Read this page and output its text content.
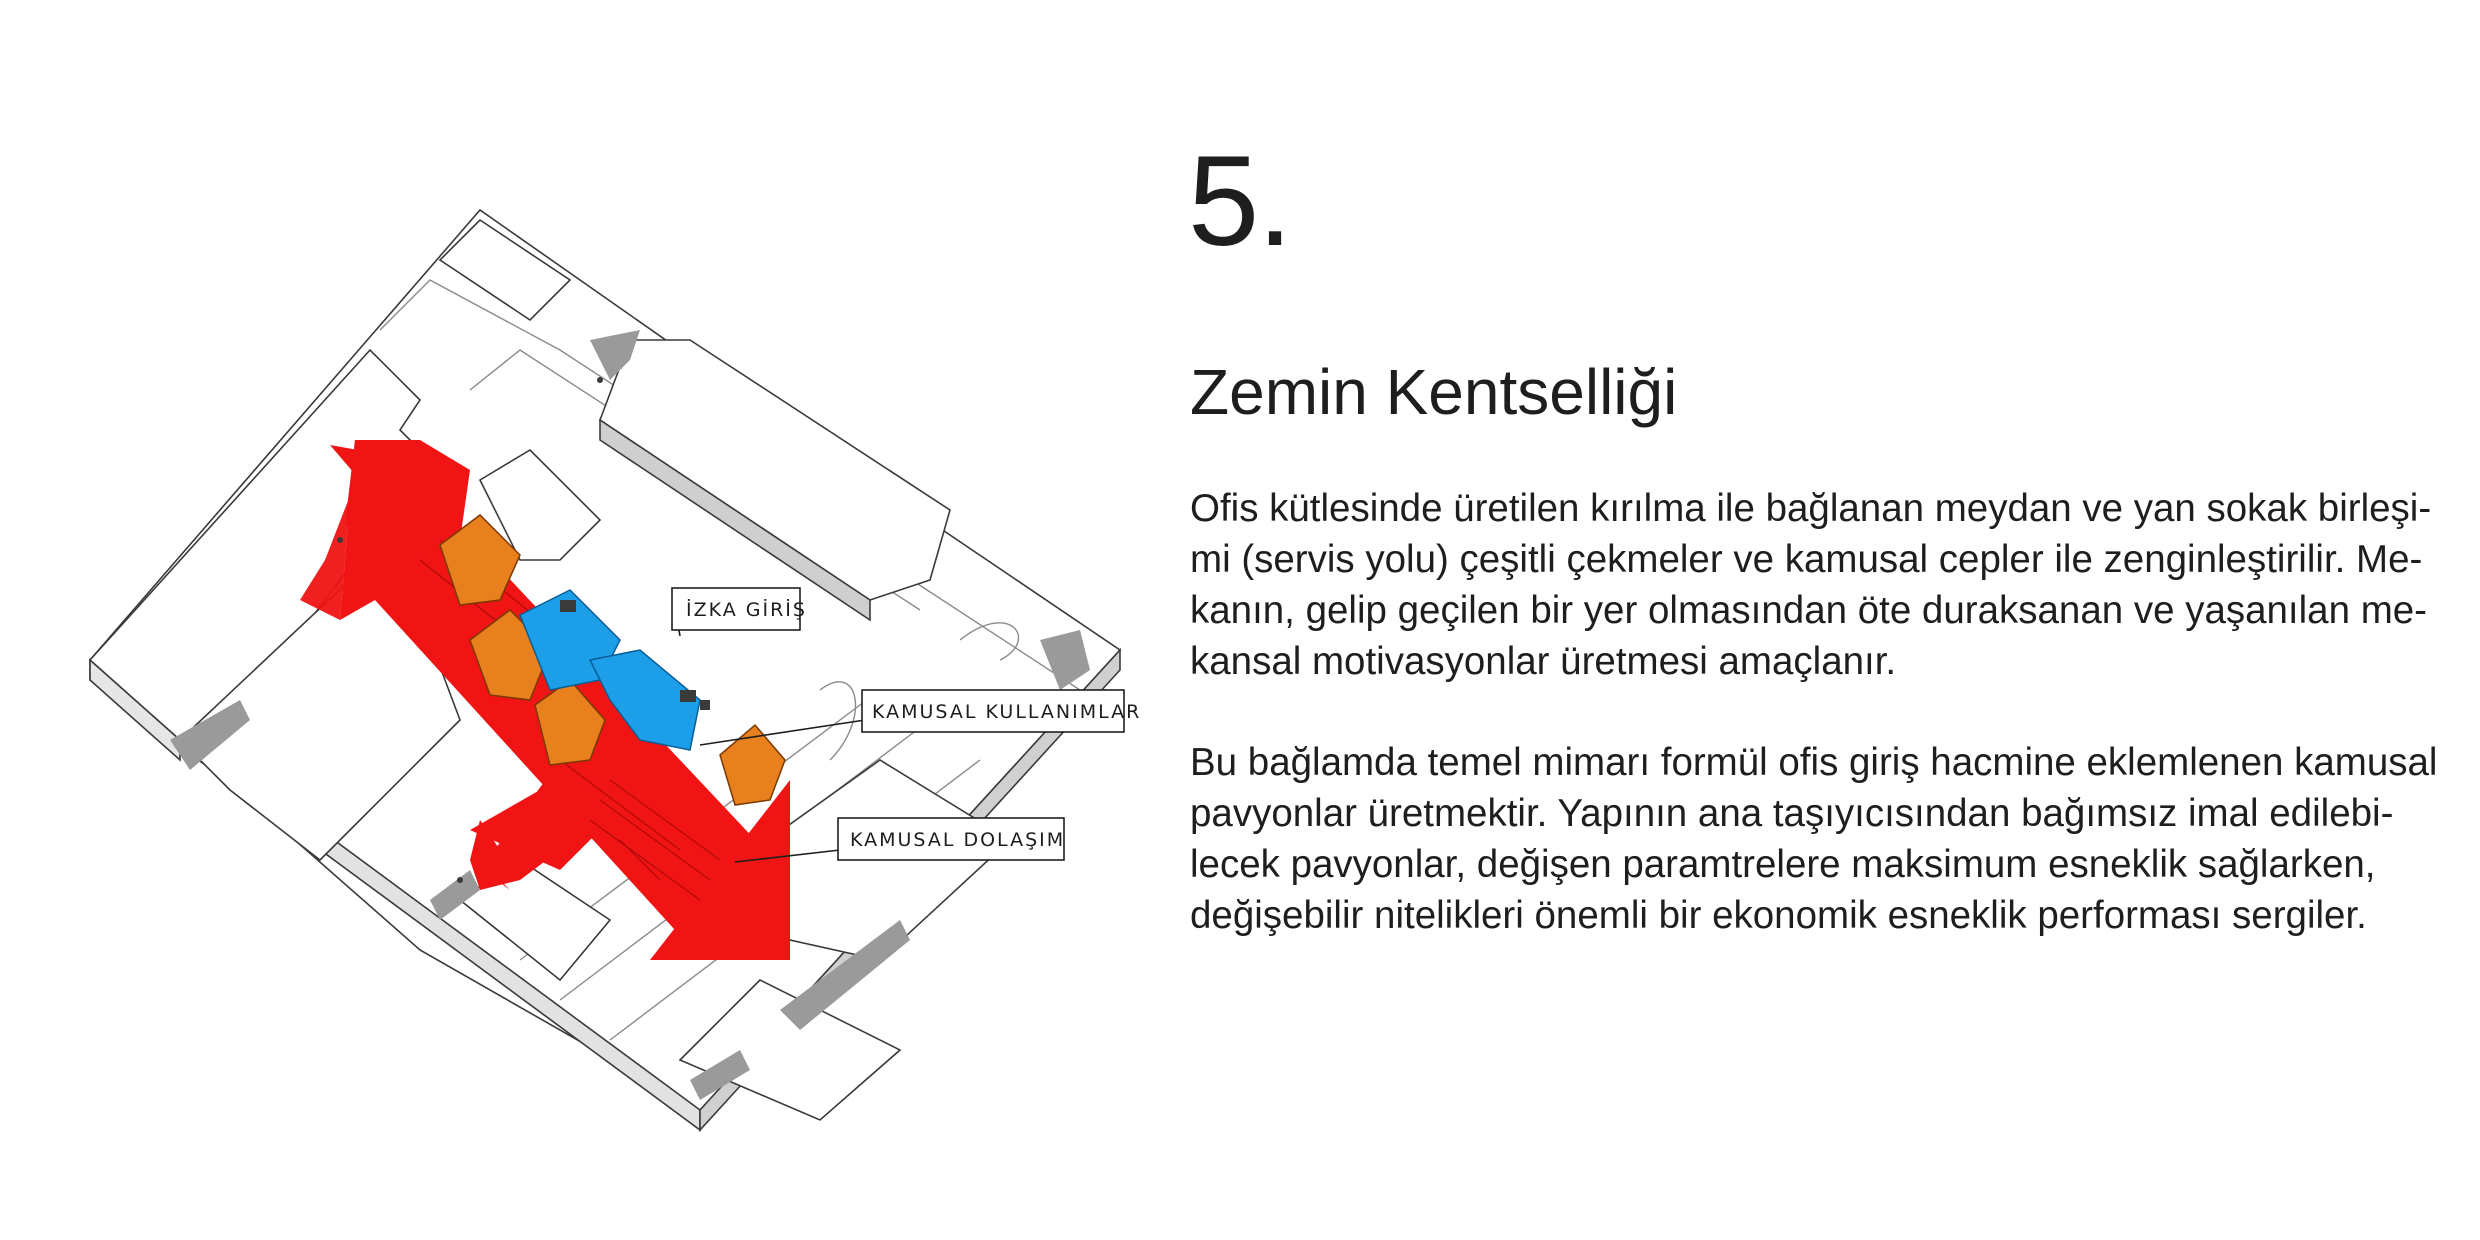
İZKA GİRİŞ
KAMUSAL KULLANIMLAR
KAMUSAL DOLAŞIM
5.
Zemin Kentselliği

Ofis kütlesinde üretilen kırılma ile bağlanan meydan ve yan sokak birleşi-
mi (servis yolu) çeşitli çekmeler ve kamusal cepler ile zenginleştirilir. Me-
kanın, gelip geçilen bir yer olmasından öte duraksanan ve yaşanılan me-
kansal motivasyonlar üretmesi amaçlanır.

Bu bağlamda temel mimarı formül ofis giriş hacmine eklemlenen kamusal
pavyonlar üretmektir. Yapının ana taşıyıcısından bağımsız imal edilebi-
lecek pavyonlar, değişen paramtrelere maksimum esneklik sağlarken,
değişebilir nitelikleri önemli bir ekonomik esneklik performası sergiler.
